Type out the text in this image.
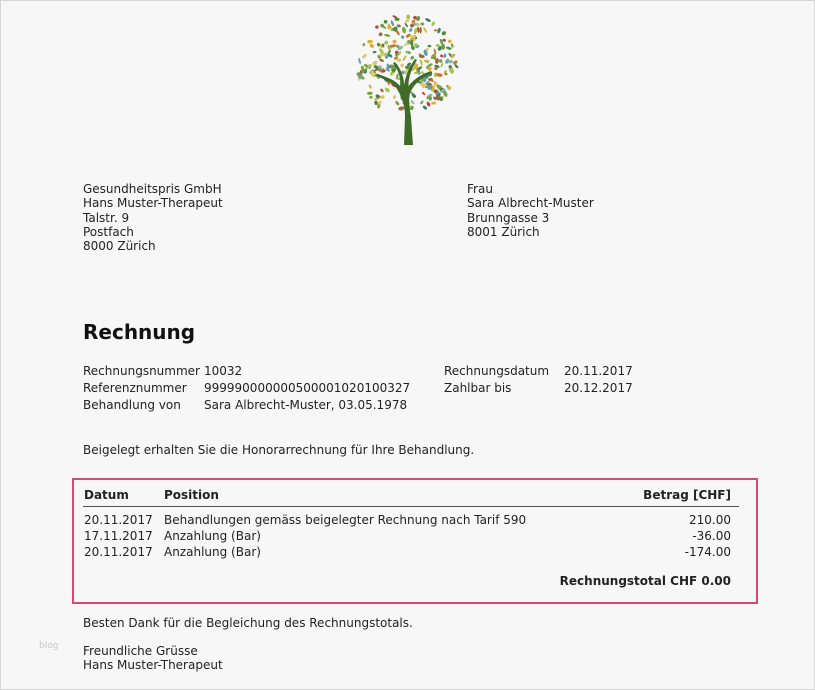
Gesundheitspris GmbH
Hans Muster-Therapeut
Talstr. 9
Postfach
8000 Zürich
Frau
Sara Albrecht-Muster
Brunngasse 3
8001 Zürich
Rechnung
Rechnungsnummer 10032
Referenznummer	999990000000500001020100327
Behandlung von	Sara Albrecht-Muster, 03.05.1978
Rechnungsdatum	20.11.2017
Zahlbar bis	20.12.2017
Beigelegt erhalten Sie die Honorarrechnung für Ihre Behandlung.
Datum	Position	Betrag [CHF]
20.11.2017 Behandlungen gemäss beigelegter Rechnung nach Tarif 590	210.00
17.11.2017 Anzahlung (Bar)	-36.00
20.11.2017 Anzahlung (Bar)	-174.00
Rechnungstotal CHF 0.00
Besten Dank für die Begleichung des Rechnungstotals.
Freundliche Grüsse
Hans Muster-Therapeut
blog
